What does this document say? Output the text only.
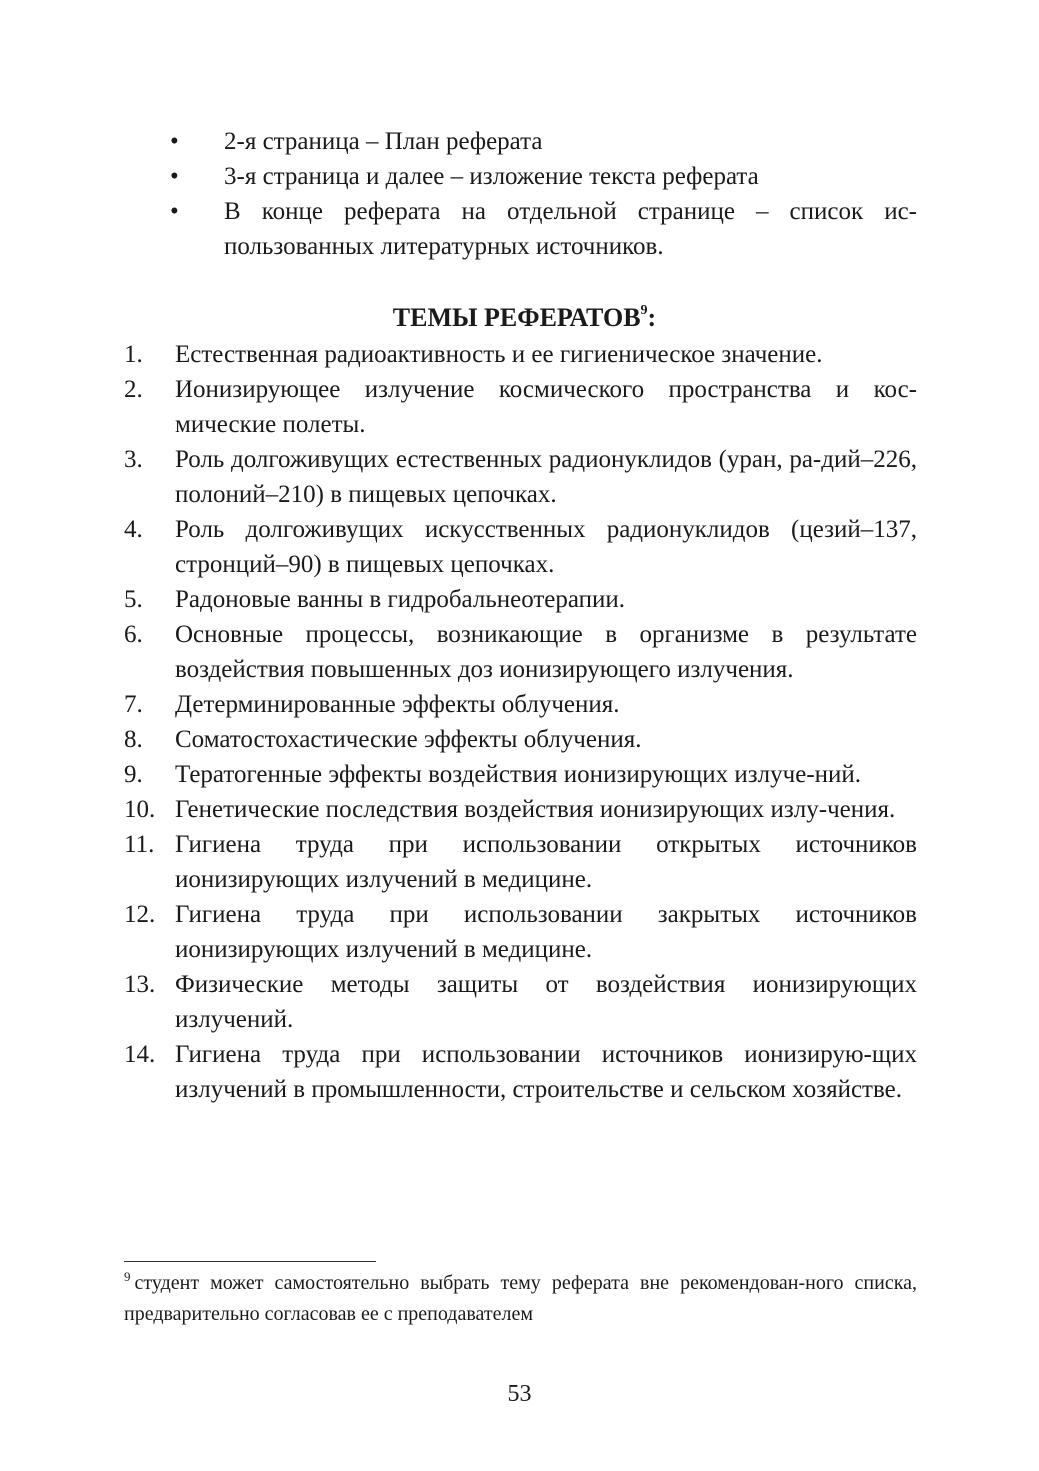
•	2-я страница – План реферата
•	3-я страница и далее – изложение текста реферата
•	В конце реферата на отдельной странице – список ис-пользованных литературных источников.
ТЕМЫ РЕФЕРАТОВ$^9$:
1. Естественная радиоактивность и ее гигиеническое значение.
2. Ионизирующее излучение космического пространства и кос-мические полеты.
3. Роль долгоживущих естественных радионуклидов (уран, ра-дий–226, полоний–210) в пищевых цепочках.
4. Роль долгоживущих искусственных радионуклидов (цезий–137, стронций–90) в пищевых цепочках.
5. Радоновые ванны в гидробальнеотерапии.
6. Основные процессы, возникающие в организме в результате воздействия повышенных доз ионизирующего излучения.
7. Детерминированные эффекты облучения.
8. Соматостохастические эффекты облучения.
9. Тератогенные эффекты воздействия ионизирующих излуче-ний.
10. Генетические последствия воздействия ионизирующих излу-чения.
11. Гигиена труда при использовании открытых источников ионизирующих излучений в медицине.
12. Гигиена труда при использовании закрытых источников ионизирующих излучений в медицине.
13. Физические методы защиты от воздействия ионизирующих излучений.
14. Гигиена труда при использовании источников ионизирую-щих излучений в промышленности, строительстве и сельском хозяйстве.
$^9$ студент может самостоятельно выбрать тему реферата вне рекомендован-ного списка, предварительно согласовав ее с преподавателем
53
